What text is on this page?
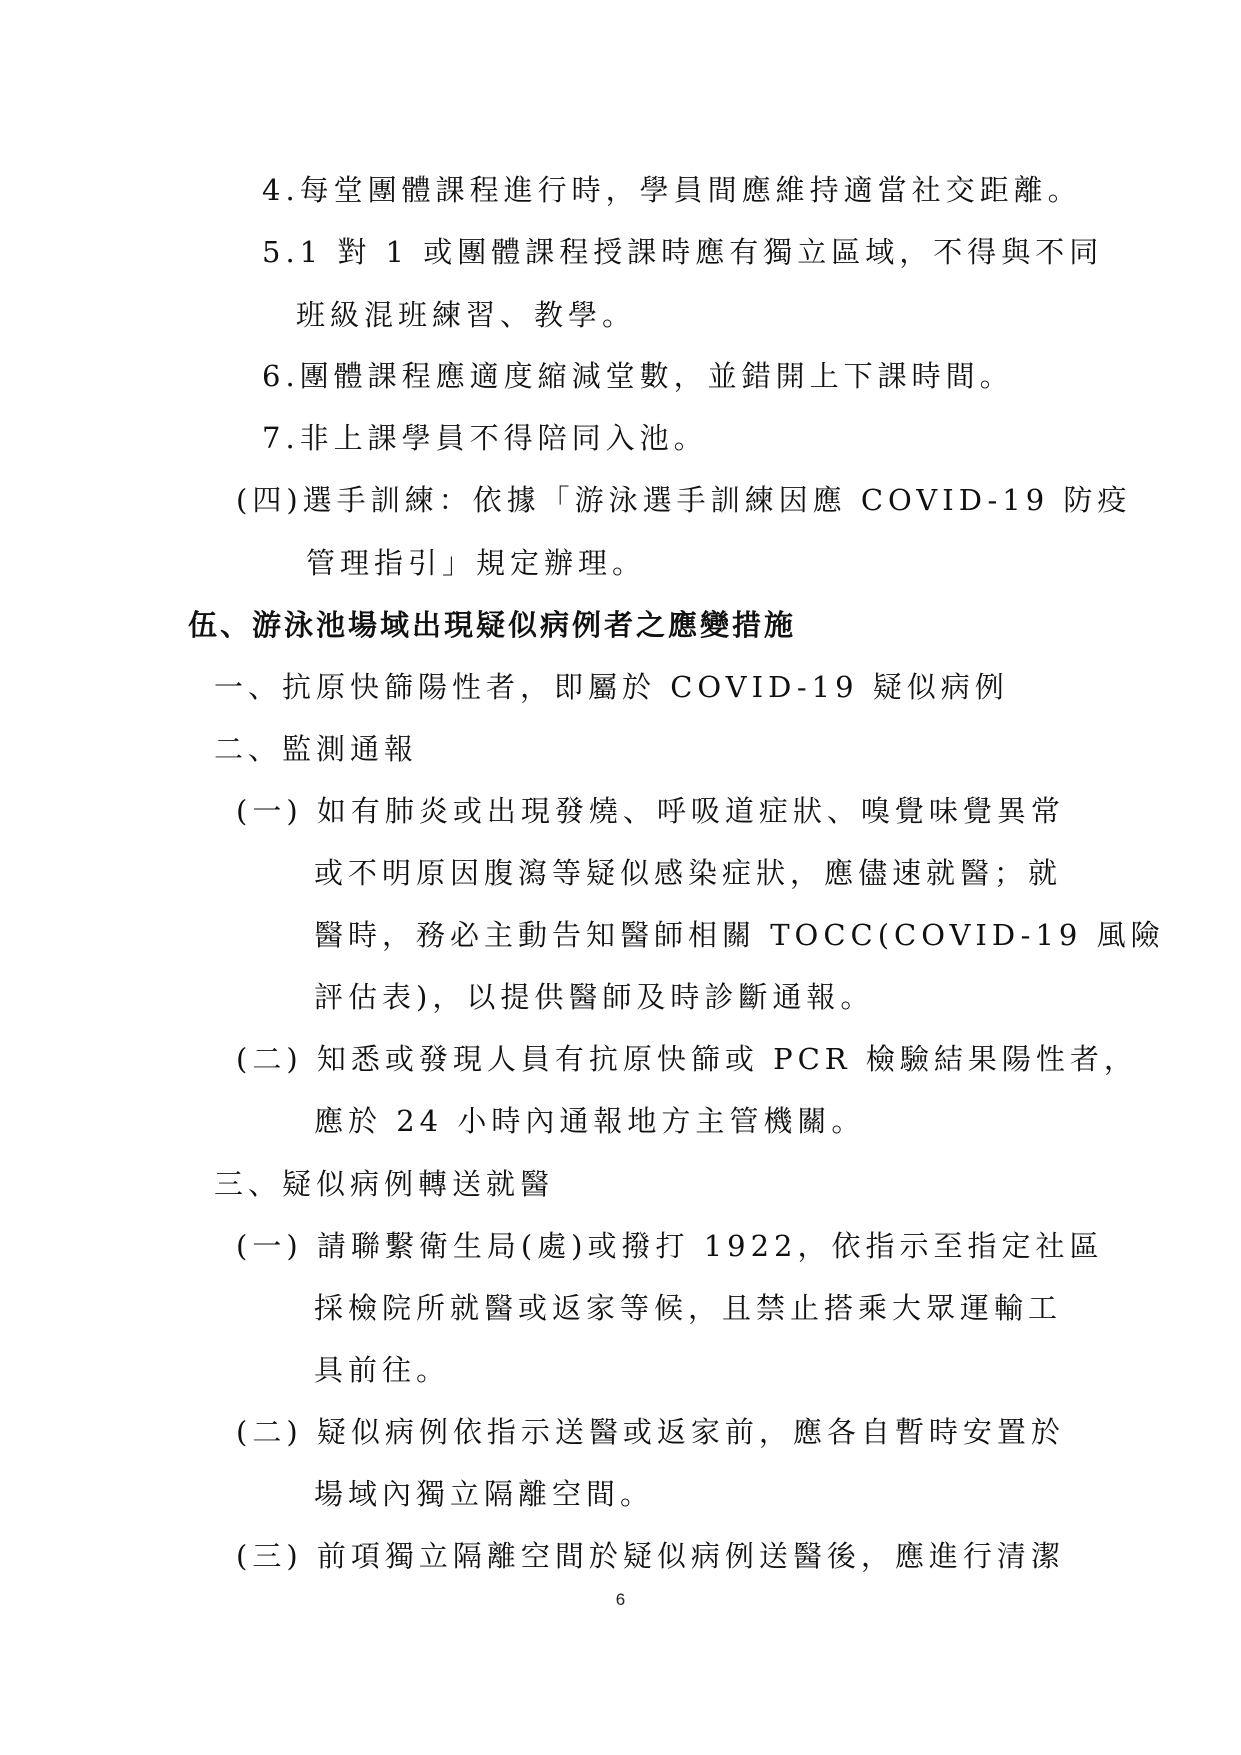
4.每堂團體課程進行時，學員間應維持適當社交距離。
5.1 對 1 或團體課程授課時應有獨立區域，不得與不同
班級混班練習、教學。
6.團體課程應適度縮減堂數，並錯開上下課時間。
7.非上課學員不得陪同入池。
(四)選手訓練：依據「游泳選手訓練因應 COVID-19 防疫
管理指引」規定辦理。
伍、游泳池場域出現疑似病例者之應變措施
一、抗原快篩陽性者，即屬於 COVID-19 疑似病例
二、監測通報
(一) 如有肺炎或出現發燒、呼吸道症狀、嗅覺味覺異常
或不明原因腹瀉等疑似感染症狀，應儘速就醫；就
醫時，務必主動告知醫師相關 TOCC(COVID-19 風險
評估表)，以提供醫師及時診斷通報。
(二) 知悉或發現人員有抗原快篩或 PCR 檢驗結果陽性者，
應於 24 小時內通報地方主管機關。
三、疑似病例轉送就醫
(一) 請聯繫衛生局(處)或撥打 1922，依指示至指定社區
採檢院所就醫或返家等候，且禁止搭乘大眾運輸工
具前往。
(二) 疑似病例依指示送醫或返家前，應各自暫時安置於
場域內獨立隔離空間。
(三) 前項獨立隔離空間於疑似病例送醫後，應進行清潔
6
